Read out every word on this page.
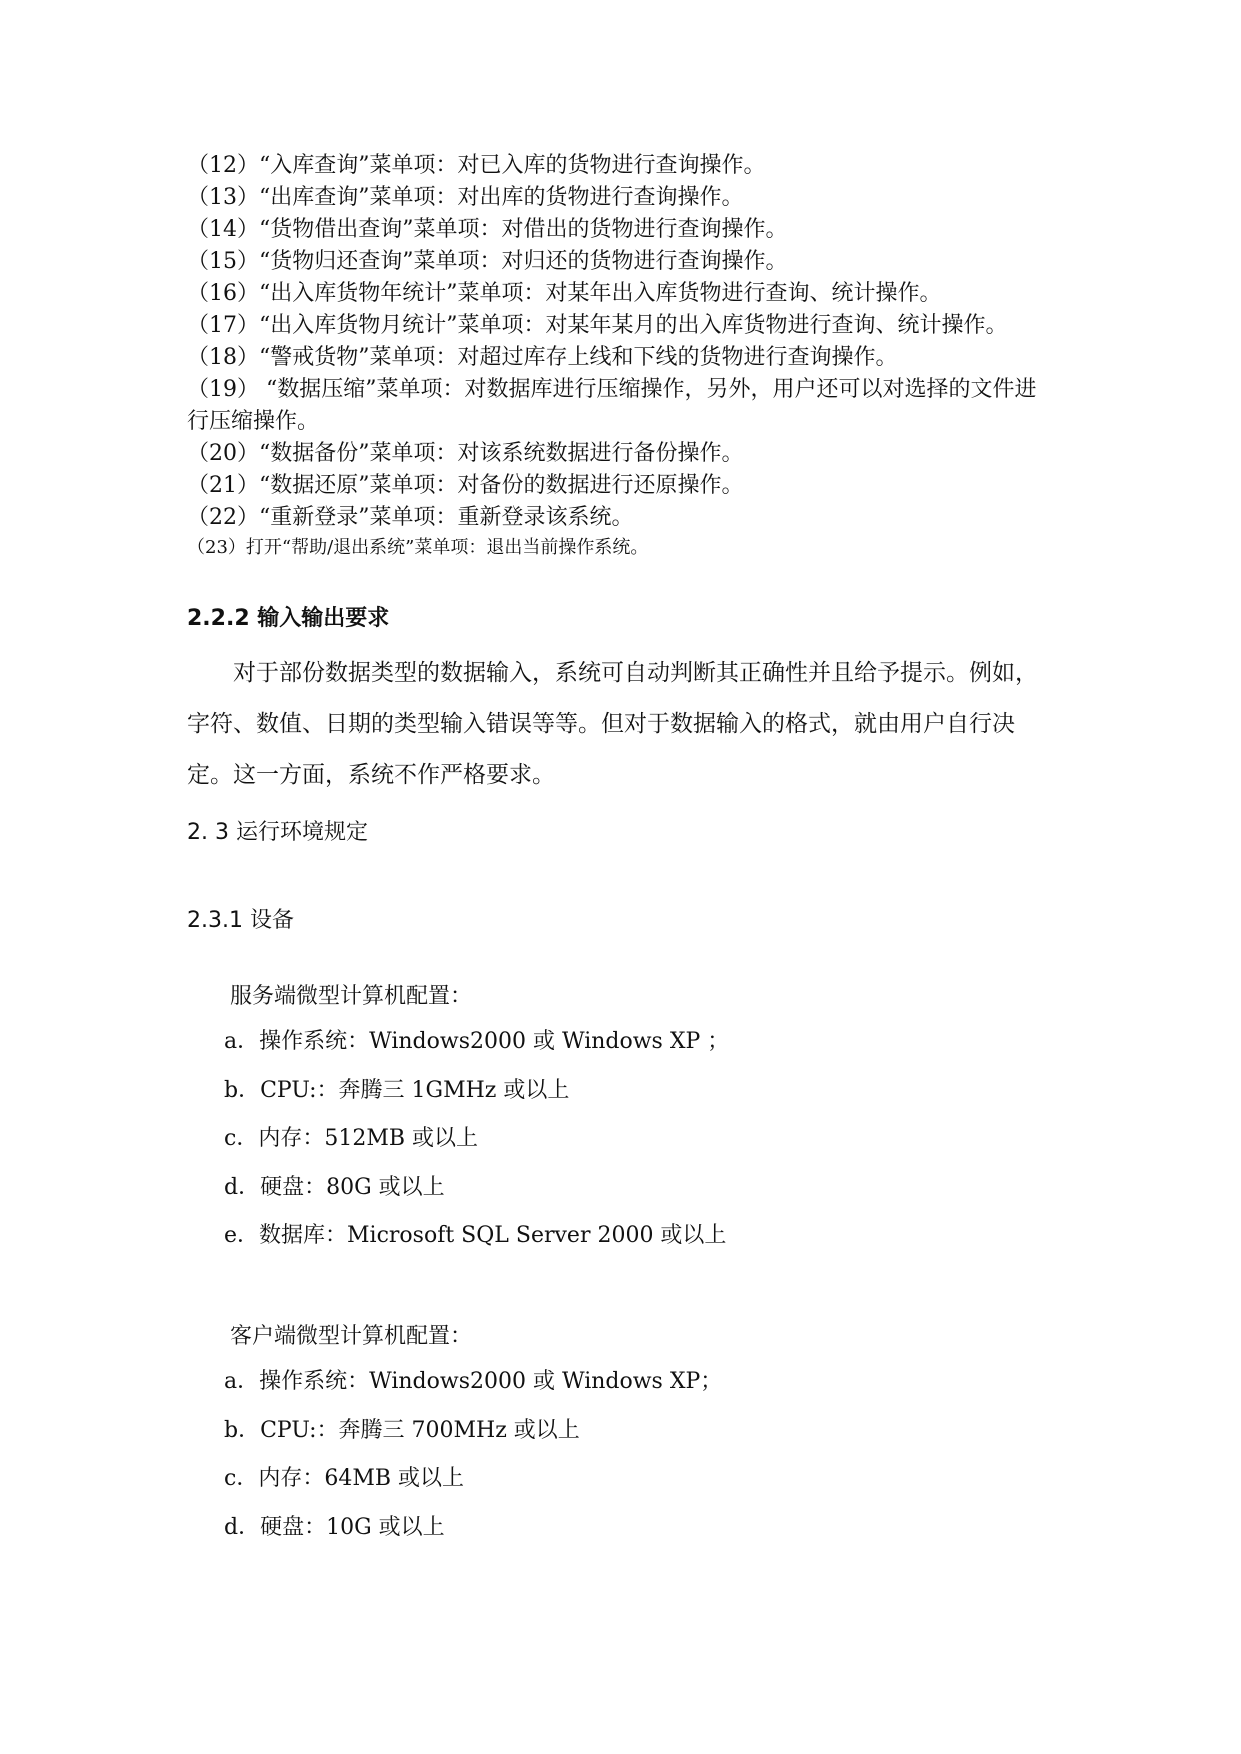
（12）“入库查询”菜单项：对已入库的货物进行查询操作。
（13）“出库查询”菜单项：对出库的货物进行查询操作。
（14）“货物借出查询”菜单项：对借出的货物进行查询操作。
（15）“货物归还查询”菜单项：对归还的货物进行查询操作。
（16）“出入库货物年统计”菜单项：对某年出入库货物进行查询、统计操作。
（17）“出入库货物月统计”菜单项：对某年某月的出入库货物进行查询、统计操作。
（18）“警戒货物”菜单项：对超过库存上线和下线的货物进行查询操作。
（19） “数据压缩”菜单项：对数据库进行压缩操作，另外，用户还可以对选择的文件进行压缩操作。
（20）“数据备份”菜单项：对该系统数据进行备份操作。
（21）“数据还原”菜单项：对备份的数据进行还原操作。
（22）“重新登录”菜单项：重新登录该系统。
（23）打开“帮助/退出系统”菜单项：退出当前操作系统。
2.2.2 输入输出要求

对于部份数据类型的数据输入，系统可自动判断其正确性并且给予提示。例如，字符、数值、日期的类型输入错误等等。但对于数据输入的格式，就由用户自行决定。这一方面，系统不作严格要求。

2. 3 运行环境规定
2.3.1 设备

服务端微型计算机配置：

a．操作系统：Windows2000 或 Windows XP ；
b．CPU:：奔腾三 1GMHz 或以上
c．内存：512MB 或以上
d．硬盘：80G 或以上
e．数据库：Microsoft SQL Server 2000 或以上

客户端微型计算机配置：

a．操作系统：Windows2000 或 Windows XP；
b．CPU:：奔腾三 700MHz 或以上
c．内存：64MB 或以上
d．硬盘：10G 或以上
